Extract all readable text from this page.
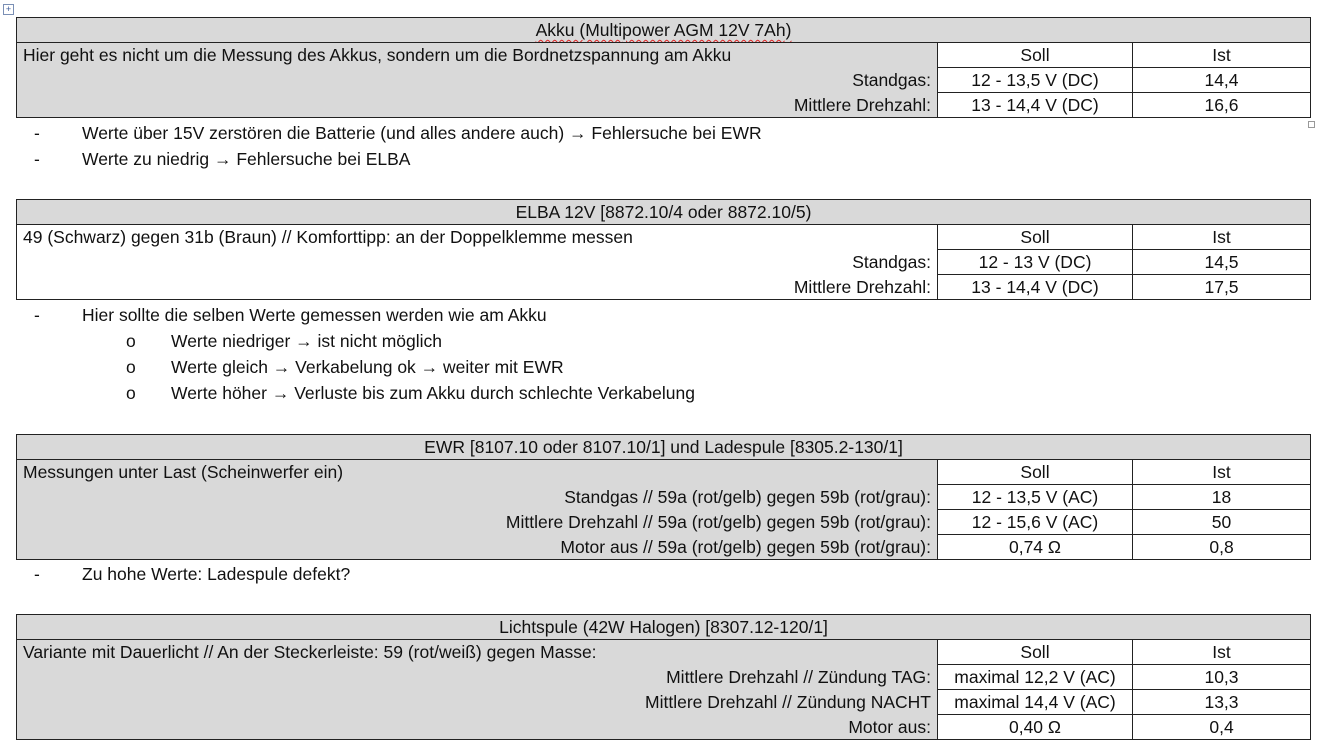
+
Akku (Multipower AGM 12V 7Ah)		
Hier geht es nicht um die Messung des Akkus, sondern um die Bordnetzspannung am Akku	Soll	Ist
Standgas:	12 - 13,5 V (DC)	14,4
Mittlere Drehzahl:	13 - 14,4 V (DC)	16,6
- Werte über 15V zerstören die Batterie (und alles andere auch) → Fehlersuche bei EWR
- Werte zu niedrig → Fehlersuche bei ELBA
ELBA 12V [8872.10/4 oder 8872.10/5)		
49 (Schwarz) gegen 31b (Braun) // Komforttipp: an der Doppelklemme messen	Soll	Ist
Standgas:	12 - 13 V (DC)	14,5
Mittlere Drehzahl:	13 - 14,4 V (DC)	17,5
- Hier sollte die selben Werte gemessen werden wie am Akku
o Werte niedriger → ist nicht möglich
o Werte gleich → Verkabelung ok → weiter mit EWR
o Werte höher → Verluste bis zum Akku durch schlechte Verkabelung
EWR [8107.10 oder 8107.10/1] und Ladespule [8305.2-130/1]		
Messungen unter Last (Scheinwerfer ein)	Soll	Ist
Standgas // 59a (rot/gelb) gegen 59b (rot/grau):	12 - 13,5 V (AC)	18
Mittlere Drehzahl // 59a (rot/gelb) gegen 59b (rot/grau):	12 - 15,6 V (AC)	50
Motor aus // 59a (rot/gelb) gegen 59b (rot/grau):	0,74 Ω	0,8
- Zu hohe Werte: Ladespule defekt?
Lichtspule (42W Halogen) [8307.12-120/1]		
Variante mit Dauerlicht // An der Steckerleiste: 59 (rot/weiß) gegen Masse:	Soll	Ist
Mittlere Drehzahl // Zündung TAG:	maximal 12,2 V (AC)	10,3
Mittlere Drehzahl // Zündung NACHT	maximal 14,4 V (AC)	13,3
Motor aus:	0,40 Ω	0,4
